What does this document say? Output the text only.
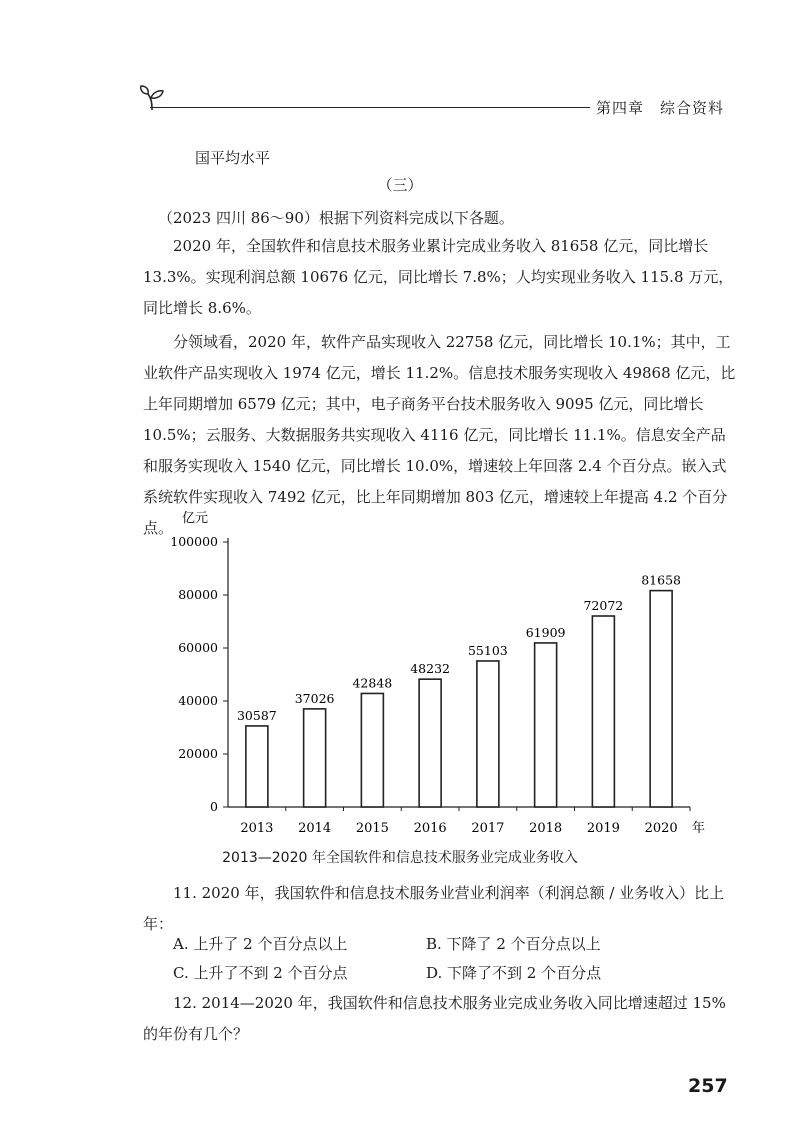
第四章 综合资料
国平均水平
（三）
（2023 四川 86～90）根据下列资料完成以下各题。

2020 年，全国软件和信息技术服务业累计完成业务收入 81658 亿元，同比增长 13.3%。实现利润总额 10676 亿元，同比增长 7.8%；人均实现业务收入 115.8 万元，同比增长 8.6%。

分领域看，2020 年，软件产品实现收入 22758 亿元，同比增长 10.1%；其中，工业软件产品实现收入 1974 亿元，增长 11.2%。信息技术服务实现收入 49868 亿元，比上年同期增加 6579 亿元；其中，电子商务平台技术服务收入 9095 亿元，同比增长 10.5%；云服务、大数据服务共实现收入 4116 亿元，同比增长 11.1%。信息安全产品和服务实现收入 1540 亿元，同比增长 10.0%，增速较上年回落 2.4 个百分点。嵌入式系统软件实现收入 7492 亿元，比上年同期增加 803 亿元，增速较上年提高 4.2 个百分点。

亿元
0
20000
40000
60000
80000
100000
30587
2013
37026
2014
42848
2015
48232
2016
55103
2017
61909
2018
72072
2019
81658
2020 年
2013—2020 年全国软件和信息技术服务业完成业务收入

11. 2020 年，我国软件和信息技术服务业营业利润率（利润总额 / 业务收入）比上年：

A. 上升了 2 个百分点以上	B. 下降了 2 个百分点以上
C. 上升了不到 2 个百分点	D. 下降了不到 2 个百分点

12. 2014—2020 年，我国软件和信息技术服务业完成业务收入同比增速超过 15% 的年份有几个？

257
